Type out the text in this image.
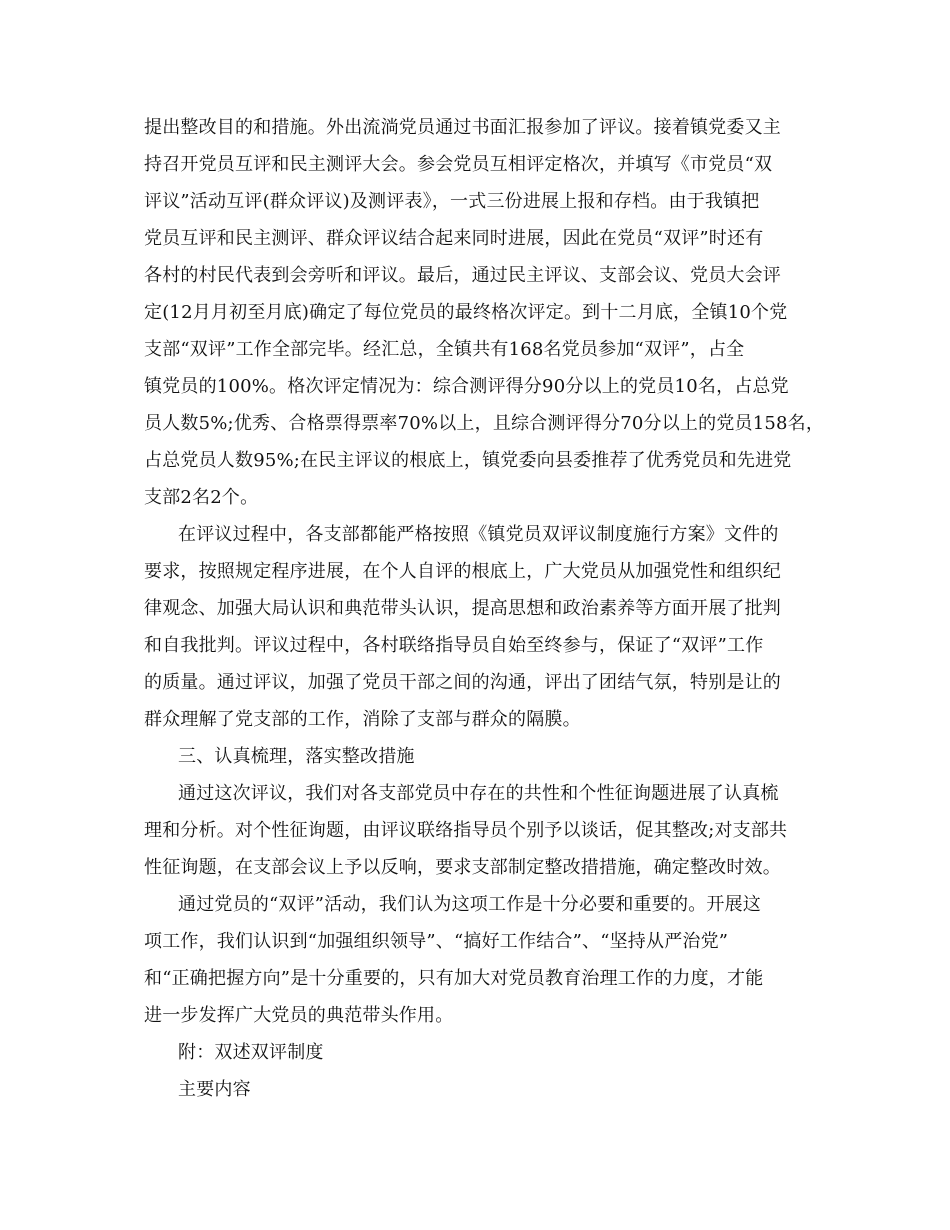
提出整改目的和措施。外出流淌党员通过书面汇报参加了评议。接着镇党委又主
持召开党员互评和民主测评大会。参会党员互相评定格次，并填写《市党员“双
评议”活动互评(群众评议)及测评表》，一式三份进展上报和存档。由于我镇把
党员互评和民主测评、群众评议结合起来同时进展，因此在党员“双评”时还有
各村的村民代表到会旁听和评议。最后，通过民主评议、支部会议、党员大会评
定(12月月初至月底)确定了每位党员的最终格次评定。到十二月底，全镇10个党
支部“双评”工作全部完毕。经汇总，全镇共有168名党员参加“双评”，占全
镇党员的100%。格次评定情况为：综合测评得分90分以上的党员10名，占总党
员人数5%;优秀、合格票得票率70%以上，且综合测评得分70分以上的党员158名，
占总党员人数95%;在民主评议的根底上，镇党委向县委推荐了优秀党员和先进党
支部2名2个。
在评议过程中，各支部都能严格按照《镇党员双评议制度施行方案》文件的
要求，按照规定程序进展，在个人自评的根底上，广大党员从加强党性和组织纪
律观念、加强大局认识和典范带头认识，提高思想和政治素养等方面开展了批判
和自我批判。评议过程中，各村联络指导员自始至终参与，保证了“双评”工作
的质量。通过评议，加强了党员干部之间的沟通，评出了团结气氛，特别是让的
群众理解了党支部的工作，消除了支部与群众的隔膜。
三、认真梳理，落实整改措施
通过这次评议，我们对各支部党员中存在的共性和个性征询题进展了认真梳
理和分析。对个性征询题，由评议联络指导员个别予以谈话，促其整改;对支部共
性征询题，在支部会议上予以反响，要求支部制定整改措措施，确定整改时效。
通过党员的“双评”活动，我们认为这项工作是十分必要和重要的。开展这
项工作，我们认识到“加强组织领导”、“搞好工作结合”、“坚持从严治党”
和“正确把握方向”是十分重要的，只有加大对党员教育治理工作的力度，才能
进一步发挥广大党员的典范带头作用。
附：双述双评制度
主要内容
